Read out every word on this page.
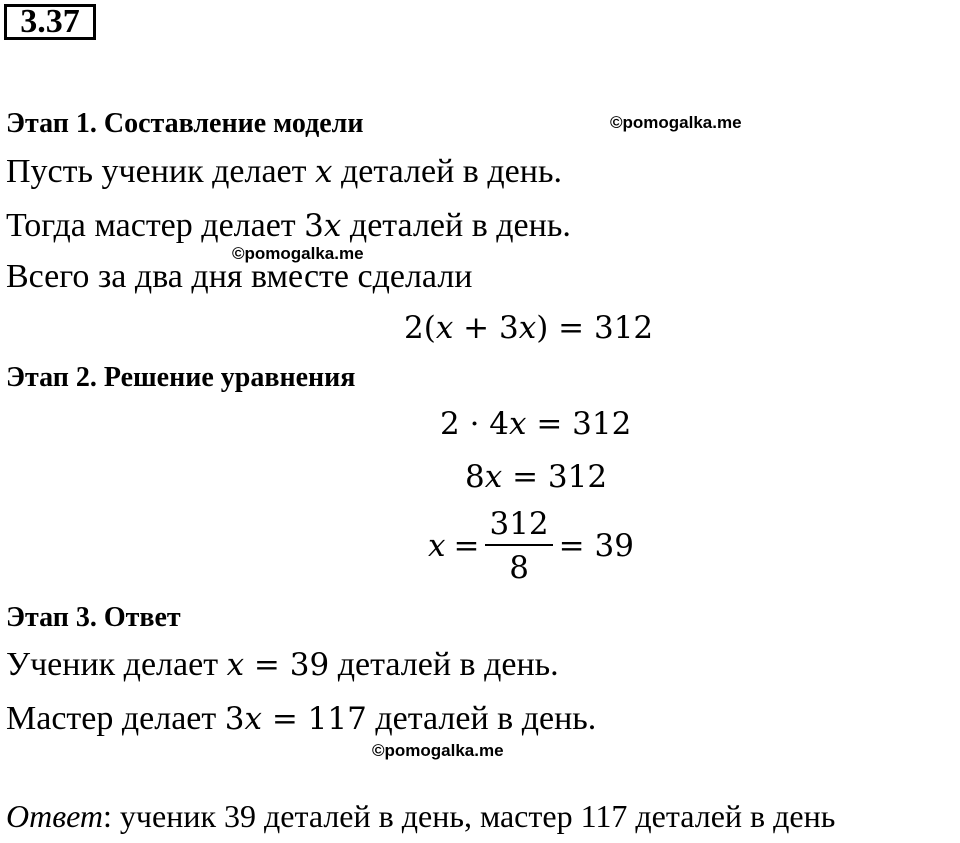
3.37
Этап 1. Составление модели	©pomogalka.me
Пусть ученик делает x деталей в день.
Тогда мастер делает 3x деталей в день.
©pomogalka.me
Всего за два дня вместе сделали
2(x + 3x) = 312
Этап 2. Решение уравнения
2 · 4x = 312
8x = 312
$x = \frac{312}{8} = 39$
Этап 3. Ответ
Ученик делает x = 39 деталей в день.
Мастер делает 3x = 117 деталей в день.
©pomogalka.me
Ответ: ученик 39 деталей в день, мастер 117 деталей в день
